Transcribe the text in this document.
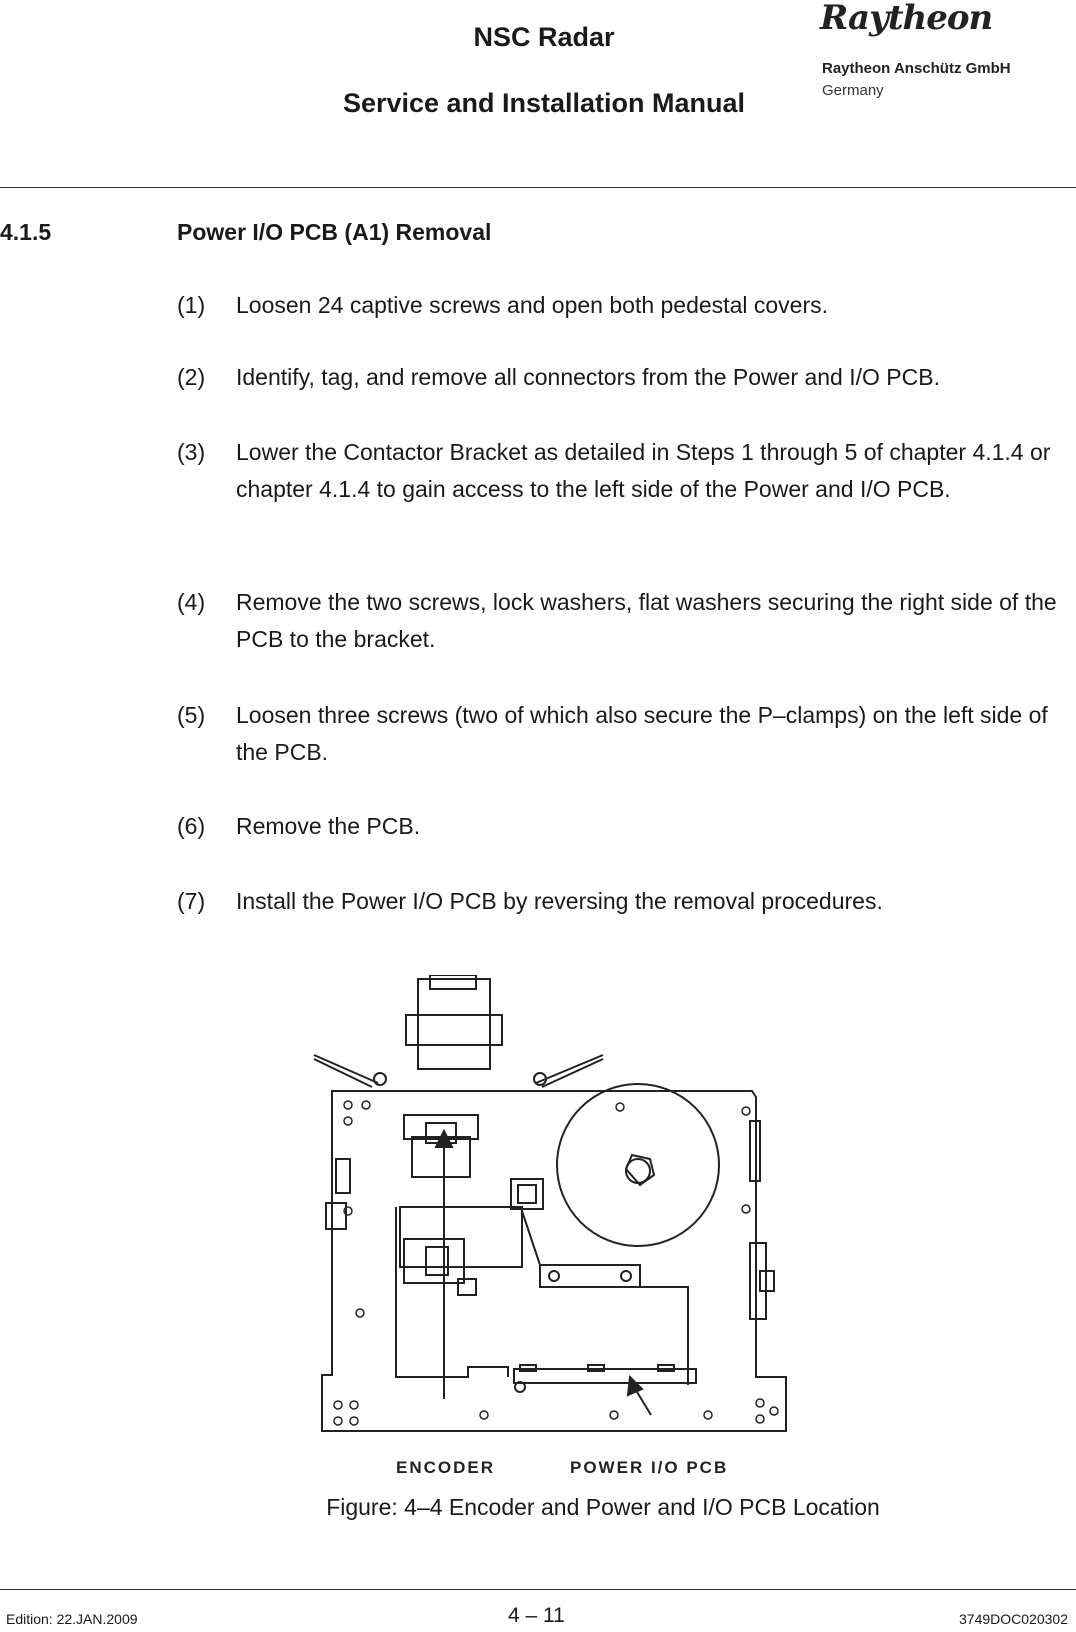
NSC Radar
Service and Installation Manual
Raytheon
Raytheon Anschütz GmbH
Germany
4.1.5	Power I/O PCB (A1) Removal
(1) Loosen 24 captive screws and open both pedestal covers.
(2) Identify, tag, and remove all connectors from the Power and I/O PCB.
(3) Lower the Contactor Bracket as detailed in Steps 1 through 5 of chapter 4.1.4 or chapter 4.1.4 to gain access to the left side of the Power and I/O PCB.
(4) Remove the two screws, lock washers, flat washers securing the right side of the PCB to the bracket.
(5) Loosen three screws (two of which also secure the P–clamps) on the left side of the PCB.
(6) Remove the PCB.
(7) Install the Power I/O PCB by reversing the removal procedures.
ENCODER	POWER I/O PCB
Figure: 4–4 Encoder and Power and I/O PCB Location
Edition: 22.JAN.2009	4 – 11	3749DOC020302
